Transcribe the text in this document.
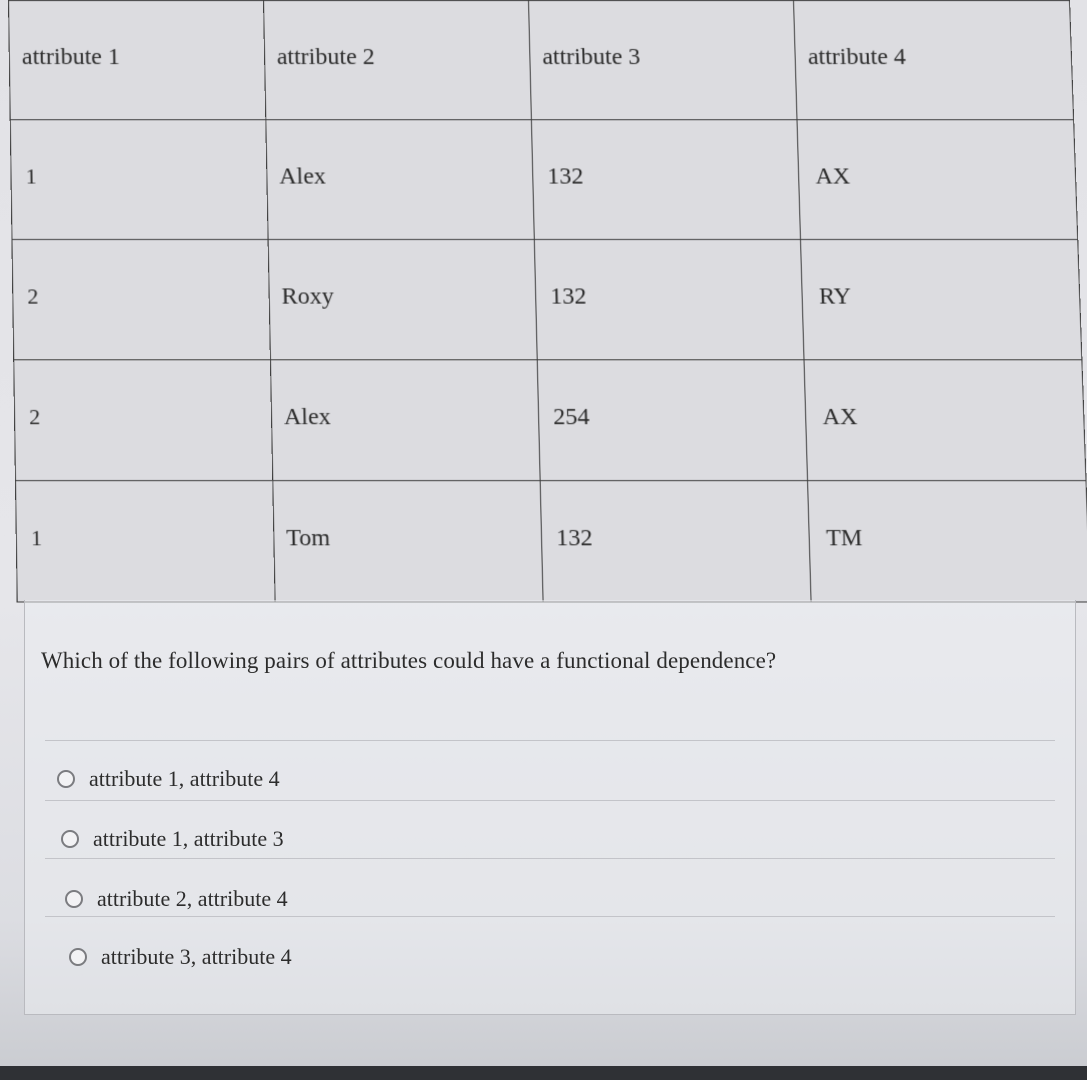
attribute 1	attribute 2	attribute 3	attribute 4
1	Alex	132	AX
2	Roxy	132	RY
2	Alex	254	AX
1	Tom	132	TM
Which of the following pairs of attributes could have a functional dependence?
attribute 1, attribute 4
attribute 1, attribute 3
attribute 2, attribute 4
attribute 3, attribute 4
